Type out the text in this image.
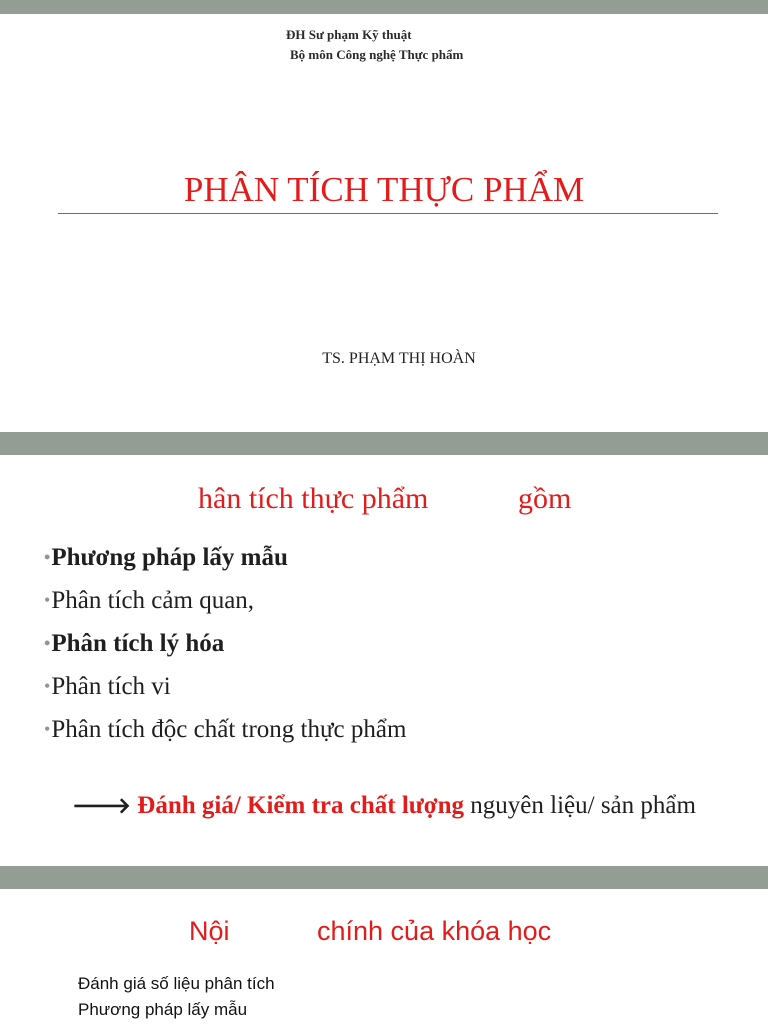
ĐH Sư phạm Kỹ thuật
Bộ môn Công nghệ Thực phẩm
PHÂN TÍCH THỰC PHẨM
TS. PHẠM THỊ HOÀN
hân tích thực phẩm	gồm
•Phương pháp lấy mẫu
•Phân tích cảm quan,
•Phân tích lý hóa
•Phân tích vi
•Phân tích độc chất trong thực phẩm
🡒 Đánh giá/ Kiểm tra chất lượng nguyên liệu/ sản phẩm
Nội	chính của khóa học
Đánh giá số liệu phân tích
Phương pháp lấy mẫu
